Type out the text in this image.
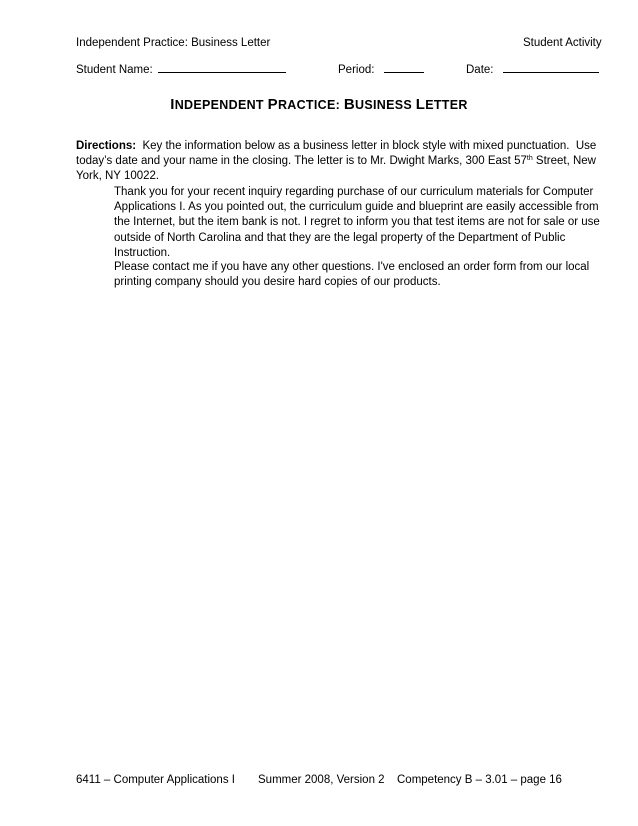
Independent Practice: Business Letter	Student Activity
Student Name:	Period:	Date:
INDEPENDENT PRACTICE: BUSINESS LETTER
Directions:  Key the information below as a business letter in block style with mixed punctuation.  Use
today’s date and your name in the closing. The letter is to Mr. Dwight Marks, 300 East 57th Street, New
York, NY 10022.
Thank you for your recent inquiry regarding purchase of our curriculum materials for Computer
Applications I. As you pointed out, the curriculum guide and blueprint are easily accessible from
the Internet, but the item bank is not. I regret to inform you that test items are not for sale or use
outside of North Carolina and that they are the legal property of the Department of Public
Instruction.
Please contact me if you have any other questions. I've enclosed an order form from our local
printing company should you desire hard copies of our products.
6411 – Computer Applications I Summer 2008, Version 2 Competency B – 3.01 – page 16
